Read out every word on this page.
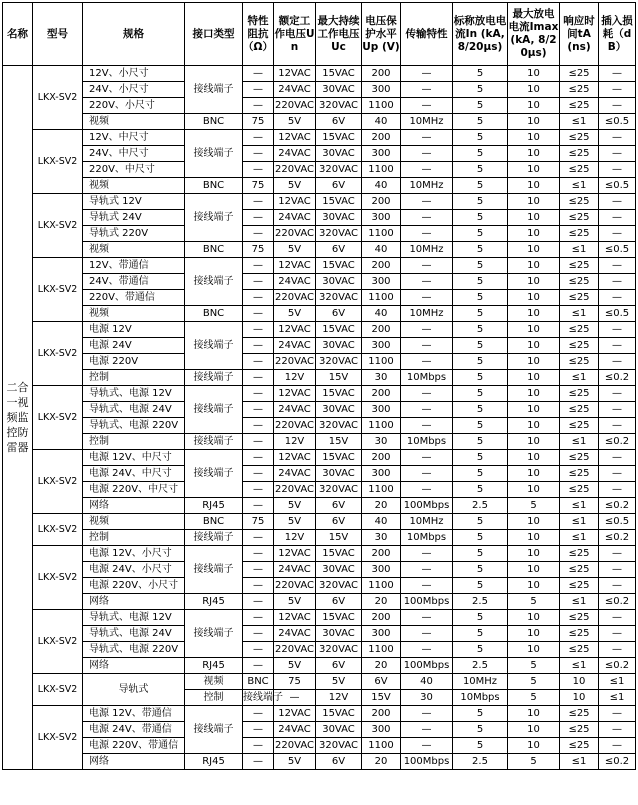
名称	型号	规格	接口类型	特性阻抗（Ω）	额定工作电压Un	最大持续工作电压Uc	电压保护水平Up (V)	传输特性	标称放电电流In (kA, 8/20μs)	最大放电电流Imax (kA, 8/20μs)	响应时间tA (ns)	插入损耗（dB）	
二合一视频监控防雷器	LKX-SV2	12V、小尺寸	接线端子	—	12VAC	15VAC	200	—	5	10	≤25	—	
		24V、小尺寸		—	24VAC	30VAC	300	—	5	10	≤25	—	
		220V、小尺寸		—	220VAC	320VAC	1100	—	5	10	≤25	—	
		视频	BNC	75	5V	6V	40	10MHz	5	10	≤1	≤0.5	
	LKX-SV2	12V、中尺寸	接线端子	—	12VAC	15VAC	200	—	5	10	≤25	—	
		24V、中尺寸		—	24VAC	30VAC	300	—	5	10	≤25	—	
		220V、中尺寸		—	220VAC	320VAC	1100	—	5	10	≤25	—	
		视频	BNC	75	5V	6V	40	10MHz	5	10	≤1	≤0.5	
	LKX-SV2	导轨式 12V	接线端子	—	12VAC	15VAC	200	—	5	10	≤25	—	
		导轨式 24V		—	24VAC	30VAC	300	—	5	10	≤25	—	
		导轨式 220V		—	220VAC	320VAC	1100	—	5	10	≤25	—	
		视频	BNC	75	5V	6V	40	10MHz	5	10	≤1	≤0.5	
	LKX-SV2	12V、带通信	接线端子	—	12VAC	15VAC	200	—	5	10	≤25	—	
		24V、带通信		—	24VAC	30VAC	300	—	5	10	≤25	—	
		220V、带通信		—	220VAC	320VAC	1100	—	5	10	≤25	—	
		视频	BNC	—	5V	6V	40	10MHz	5	10	≤1	≤0.5	
	LKX-SV2	电源 12V	接线端子	—	12VAC	15VAC	200	—	5	10	≤25	—	
		电源 24V		—	24VAC	30VAC	300	—	5	10	≤25	—	
		电源 220V		—	220VAC	320VAC	1100	—	5	10	≤25	—	
		控制	接线端子	—	12V	15V	30	10Mbps	5	10	≤1	≤0.2	
	LKX-SV2	导轨式、电源 12V	接线端子	—	12VAC	15VAC	200	—	5	10	≤25	—	
		导轨式、电源 24V		—	24VAC	30VAC	300	—	5	10	≤25	—	
		导轨式、电源 220V		—	220VAC	320VAC	1100	—	5	10	≤25	—	
		控制	接线端子	—	12V	15V	30	10Mbps	5	10	≤1	≤0.2	
	LKX-SV2	电源 12V、中尺寸	接线端子	—	12VAC	15VAC	200	—	5	10	≤25	—	
		电源 24V、中尺寸		—	24VAC	30VAC	300	—	5	10	≤25	—	
		电源 220V、中尺寸		—	220VAC	320VAC	1100	—	5	10	≤25	—	
		网络	RJ45	—	5V	6V	20	100Mbps	2.5	5	≤1	≤0.2	
	LKX-SV2	视频	BNC	75	5V	6V	40	10MHz	5	10	≤1	≤0.5	
		控制	接线端子	—	12V	15V	30	10Mbps	5	10	≤1	≤0.2	
	LKX-SV2	电源 12V、小尺寸	接线端子	—	12VAC	15VAC	200	—	5	10	≤25	—	
		电源 24V、小尺寸		—	24VAC	30VAC	300	—	5	10	≤25	—	
		电源 220V、小尺寸		—	220VAC	320VAC	1100	—	5	10	≤25	—	
		网络	RJ45	—	5V	6V	20	100Mbps	2.5	5	≤1	≤0.2	
	LKX-SV2	导轨式、电源 12V	接线端子	—	12VAC	15VAC	200	—	5	10	≤25	—	
		导轨式、电源 24V		—	24VAC	30VAC	300	—	5	10	≤25	—	
		导轨式、电源 220V		—	220VAC	320VAC	1100	—	5	10	≤25	—	
		网络	RJ45	—	5V	6V	20	100Mbps	2.5	5	≤1	≤0.2	
	LKX-SV2	导轨式	视频	BNC	75	5V	6V	40	10MHz	5	10	≤1	
			控制	接线端子	—	12V	15V	30	10Mbps	5	10	≤1	
	LKX-SV2	电源 12V、带通信	接线端子	—	12VAC	15VAC	200	—	5	10	≤25	—	
		电源 24V、带通信		—	24VAC	30VAC	300	—	5	10	≤25	—	
		电源 220V、带通信		—	220VAC	320VAC	1100	—	5	10	≤25	—	
		网络	RJ45	—	5V	6V	20	100Mbps	2.5	5	≤1	≤0.2	
